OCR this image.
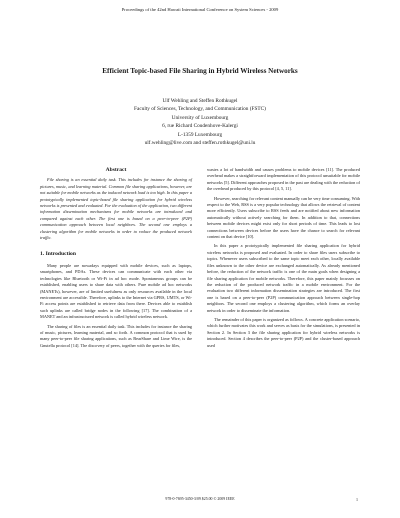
Proceedings of the 42nd Hawaii International Conference on System Sciences - 2009
Efficient Topic-based File Sharing in Hybrid Wireless Networks
Ulf Wehling and Steffen Rothkugel
Faculty of Sciences, Technology, and Communication (FSTC)
University of Luxembourg
6, rue Richard Coudenhove-Kalergi
L-1359 Luxembourg
ulf.wehling@live.com and steffen.rothkugel@uni.lu
Abstract

File sharing is an essential daily task. This includes for instance the sharing of pictures, music, and learning material. Common file sharing applications, however, are not suitable for mobile networks as the induced network load is too high. In this paper a prototypically implemented topic-based file sharing application for hybrid wireless networks is presented and evaluated. For the evaluation of the application, two different information dissemination mechanisms for mobile networks are introduced and compared against each other. The first one is based on a peer-to-peer (P2P) communication approach between local neighbors. The second one employs a clustering algorithm for mobile networks in order to reduce the produced network traffic.

1. Introduction

Many people are nowadays equipped with mobile devices, such as laptops, smartphones, and PDAs. These devices can communicate with each other via technologies like Bluetooth or Wi-Fi in ad hoc mode. Spontaneous groups can be established, enabling users to share data with others. Pure mobile ad hoc networks (MANETs), however, are of limited usefulness as only resources available in the local environment are accessible. Therefore, uplinks to the Internet via GPRS, UMTS, or Wi-Fi access points are established to retrieve data from there. Devices able to establish such uplinks are called bridge nodes in the following [17]. The combination of a MANET and an infrastructured network is called hybrid wireless network.

The sharing of files is an essential daily task. This includes for instance the sharing of music, pictures, learning material, and so forth. A common protocol that is used by many peer-to-peer file sharing applications, such as BearShare and Lime Wire, is the Gnutella protocol [14]. The discovery of peers, together with the queries for files,

wastes a lot of bandwidth and causes problems to mobile devices [11]. The produced overhead makes a straightforward implementation of this protocol unsuitable for mobile networks [5]. Different approaches proposed in the past are dealing with the reduction of the overhead produced by this protocol [4, 5, 11].

However, searching for relevant content manually can be very time consuming. With respect to the Web, RSS is a very popular technology that allows the retrieval of content more efficiently. Users subscribe to RSS feeds and are notified about new information automatically without actively searching for them. In addition to that, connections between mobile devices might exist only for short periods of time. This leads to lost connections between devices before the users have the chance to search for relevant content on that device [10].

In this paper a prototypically implemented file sharing application for hybrid wireless networks is proposed and evaluated. In order to share files users subscribe to topics. Whenever users subscribed to the same topic meet each other, locally available files unknown to the other device are exchanged automatically. As already mentioned before, the reduction of the network traffic is one of the main goals when designing a file sharing application for mobile networks. Therefore, this paper mainly focusses on the reduction of the produced network traffic in a mobile environment. For the evaluation two different information dissemination strategies are introduced. The first one is based on a peer-to-peer (P2P) communication approach between single-hop neighbors. The second one employs a clustering algorithm, which forms an overlay network in order to disseminate the information.

The remainder of this paper is organized as follows. A concrete application scenario, which further motivates this work and serves as basis for the simulations, is presented in Section 2. In Section 3 the file sharing application for hybrid wireless networks is introduced. Section 4 describes the peer-to-peer (P2P) and the cluster-based approach used

978-0-7695-3450-3/09 $25.00 © 2009 IEEE	1
